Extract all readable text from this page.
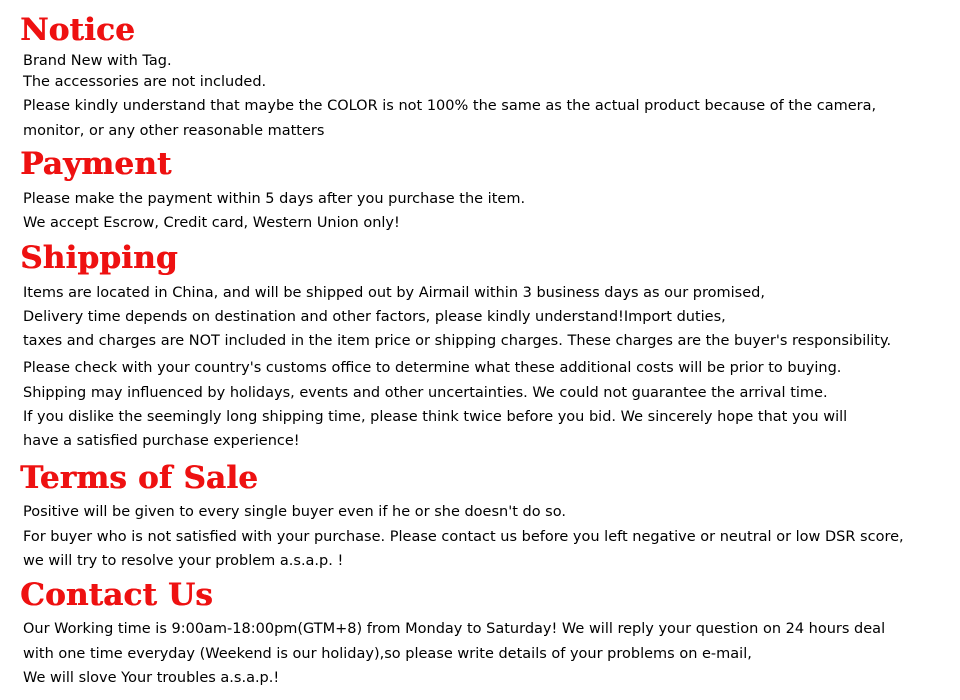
Notice

Brand New with Tag.

The accessories are not included.

Please kindly understand that maybe the COLOR is not 100% the same as the actual product because of the camera,

monitor, or any other reasonable matters

Payment

Please make the payment within 5 days after you purchase the item.

We accept Escrow, Credit card, Western Union only!

Shipping

Items are located in China, and will be shipped out by Airmail within 3 business days as our promised,

Delivery time depends on destination and other factors, please kindly understand!Import duties,

taxes and charges are NOT included in the item price or shipping charges. These charges are the buyer's responsibility.

Please check with your country's customs office to determine what these additional costs will be prior to buying.

Shipping may influenced by holidays, events and other uncertainties. We could not guarantee the arrival time.

If you dislike the seemingly long shipping time, please think twice before you bid. We sincerely hope that you will

have a satisfied purchase experience!

Terms of Sale

Positive will be given to every single buyer even if he or she doesn't do so.

For buyer who is not satisfied with your purchase. Please contact us before you left negative or neutral or low DSR score,

we will try to resolve your problem a.s.a.p. !

Contact Us

Our Working time is 9:00am-18:00pm(GTM+8) from Monday to Saturday! We will reply your question on 24 hours deal

with one time everyday (Weekend is our holiday),so please write details of your problems on e-mail,

We will slove Your troubles a.s.a.p.!
